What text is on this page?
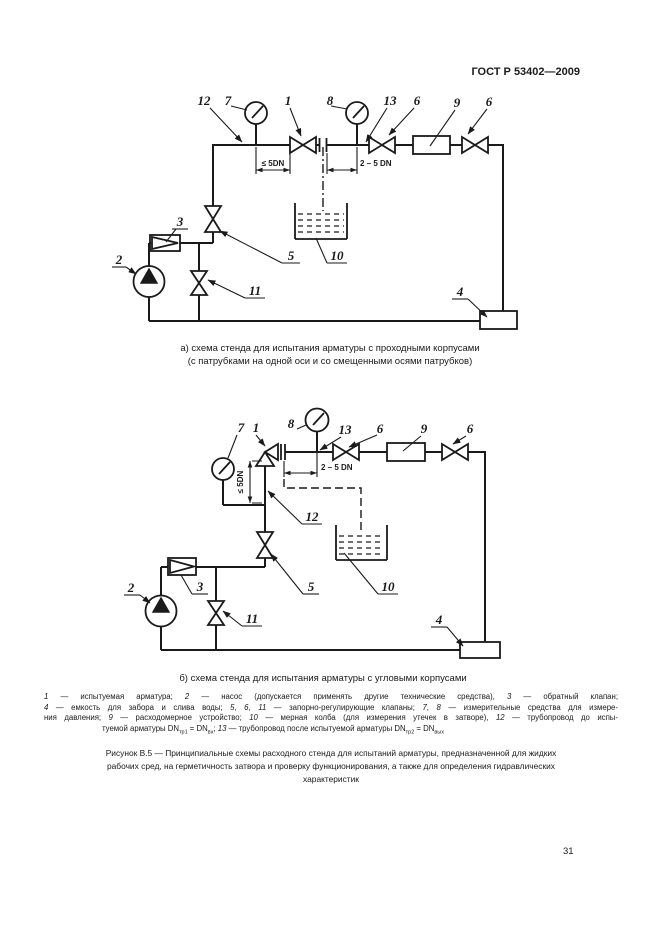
≤ 5DN	2 – 5 DN
12 7	1	8	13 6	9 6
2
3
5
11
10
4
2 – 5 DN
≤ 5DN
7 1 8	13 6	9	6
12
2	3	5
11
10
4
ГОСТ Р 53402—2009
а) схема стенда для испытания арматуры с проходными корпусами
(с патрубками на одной оси и со смещенными осями патрубков)
б) схема стенда для испытания арматуры с угловыми корпусами
1 — испытуемая арматура; 2 — насос (допускается применять другие технические средства), 3 — обратный клапан;
4 — емкость для забора и слива воды; 5, 6, 11 — запорно-регулирующие клапаны; 7, 8 — измерительные средства для измере-
ния давления; 9 — расходомерное устройство; 10 — мерная колба (для измерения утечек в затворе), 12 — трубопровод до испы-
туемой арматуры $DN_{тр1} = DN_{вх}$; 13 — трубопровод после испытуемой арматуры $DN_{тр2} = DN_{вых}$
Рисунок В.5 — Принципиальные схемы расходного стенда для испытаний арматуры, предназначенной для жидких
рабочих сред, на герметичность затвора и проверку функционирования, а также для определения гидравлических
характеристик
31
